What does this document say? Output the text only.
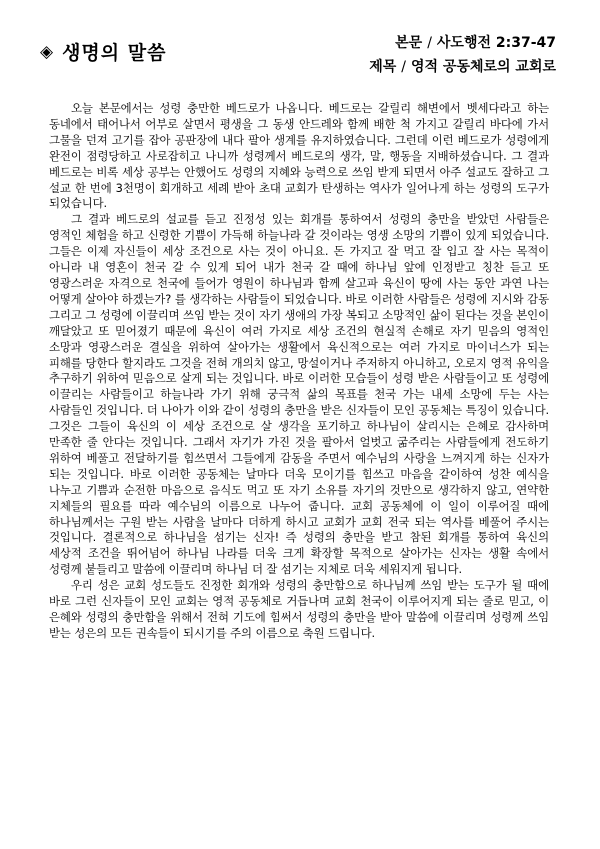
◈ 생명의 말씀	본문 / 사도행전 2:37-47
제목 / 영적 공동체로의 교회로

오늘 본문에서는 성령 충만한 베드로가 나옵니다. 베드로는 갈릴리 해변에서 벳세다라고 하는 동네에서 태어나서 어부로 살면서 평생을 그 동생 안드레와 함께 배한 척 가지고 갈릴리 바다에 가서 그물을 던져 고기를 잡아 공판장에 내다 팔아 생계를 유지하였습니다. 그런데 이런 베드로가 성령에게 완전이 점령당하고 사로잡히고 나니까 성령께서 베드로의 생각, 말, 행동을 지배하셨습니다. 그 결과 베드로는 비록 세상 공부는 안했어도 성령의 지혜와 능력으로 쓰임 받게 되면서 아주 설교도 잘하고 그 설교 한 번에 3천명이 회개하고 세례 받아 초대 교회가 탄생하는 역사가 일어나게 하는 성령의 도구가 되었습니다.

그 결과 베드로의 설교를 듣고 진정성 있는 회개를 통하여서 성령의 충만을 받았던 사람들은 영적인 체험을 하고 신령한 기쁨이 가득해 하늘나라 갈 것이라는 영생 소망의 기쁨이 있게 되었습니다. 그들은 이제 자신들이 세상 조건으로 사는 것이 아니요. 돈 가지고 잘 먹고 잘 입고 잘 사는 목적이 아니라 내 영혼이 천국 갈 수 있게 되어 내가 천국 갈 때에 하나님 앞에 인정받고 칭찬 듣고 또 영광스러운 자격으로 천국에 들어가 영원이 하나님과 함께 살고파 육신이 땅에 사는 동안 과연 나는 어떻게 살아야 하겠는가? 를 생각하는 사람들이 되었습니다. 바로 이러한 사람들은 성령에 지시와 감동 그리고 그 성령에 이끌리며 쓰임 받는 것이 자기 생애의 가장 복되고 소망적인 삶이 된다는 것을 본인이 깨달았고 또 믿어졌기 때문에 육신이 여러 가지로 세상 조건의 현실적 손해로 자기 믿음의 영적인 소망과 영광스러운 결실을 위하여 살아가는 생활에서 육신적으로는 여러 가지로 마이너스가 되는 피해를 당한다 할지라도 그것을 전혀 개의치 않고, 망설이거나 주저하지 아니하고, 오로지 영적 유익을 추구하기 위하여 믿음으로 살게 되는 것입니다. 바로 이러한 모습들이 성령 받은 사람들이고 또 성령에 이끌리는 사람들이고 하늘나라 가기 위해 궁극적 삶의 목표를 천국 가는 내세 소망에 두는 사는 사람들인 것입니다. 더 나아가 이와 같이 성령의 충만을 받은 신자들이 모인 공동체는 특징이 있습니다. 그것은 그들이 육신의 이 세상 조건으로 살 생각을 포기하고 하나님이 살리시는 은혜로 감사하며 만족한 줄 안다는 것입니다. 그래서 자기가 가진 것을 팔아서 얼벗고 굶주리는 사람들에게 전도하기 위하여 베풀고 전달하기를 힘쓰면서 그들에게 감동을 주면서 예수님의 사랑을 느껴지게 하는 신자가 되는 것입니다. 바로 이러한 공동체는 날마다 더욱 모이기를 힘쓰고 마음을 같이하여 성찬 예식을 나누고 기쁨과 순전한 마음으로 음식도 먹고 또 자기 소유를 자기의 것만으로 생각하지 않고, 연약한 지체들의 필요를 따라 예수님의 이름으로 나누어 줍니다. 교회 공동체에 이 일이 이루어질 때에 하나님께서는 구원 받는 사람을 날마다 더하게 하시고 교회가 교회 전국 되는 역사를 베풀어 주시는 것입니다. 결론적으로 하나님을 섬기는 신자! 즉 성령의 충만을 받고 참된 회개를 통하여 육신의 세상적 조건을 뛰어넘어 하나님 나라를 더욱 크게 확장할 목적으로 살아가는 신자는 생활 속에서 성령께 붙들리고 말씀에 이끌리며 하나님 더 잘 섬기는 지체로 더욱 세워지게 됩니다.

우리 성은 교회 성도들도 진정한 회개와 성령의 충만함으로 하나님께 쓰임 받는 도구가 될 때에 바로 그런 신자들이 모인 교회는 영적 공동체로 거듭나며 교회 천국이 이루어지게 되는 줄로 믿고, 이 은혜와 성령의 충만함을 위해서 전혀 기도에 힘써서 성령의 충만을 받아 말씀에 이끌리며 성령께 쓰임 받는 성은의 모든 권속들이 되시기를 주의 이름으로 축원 드립니다.
